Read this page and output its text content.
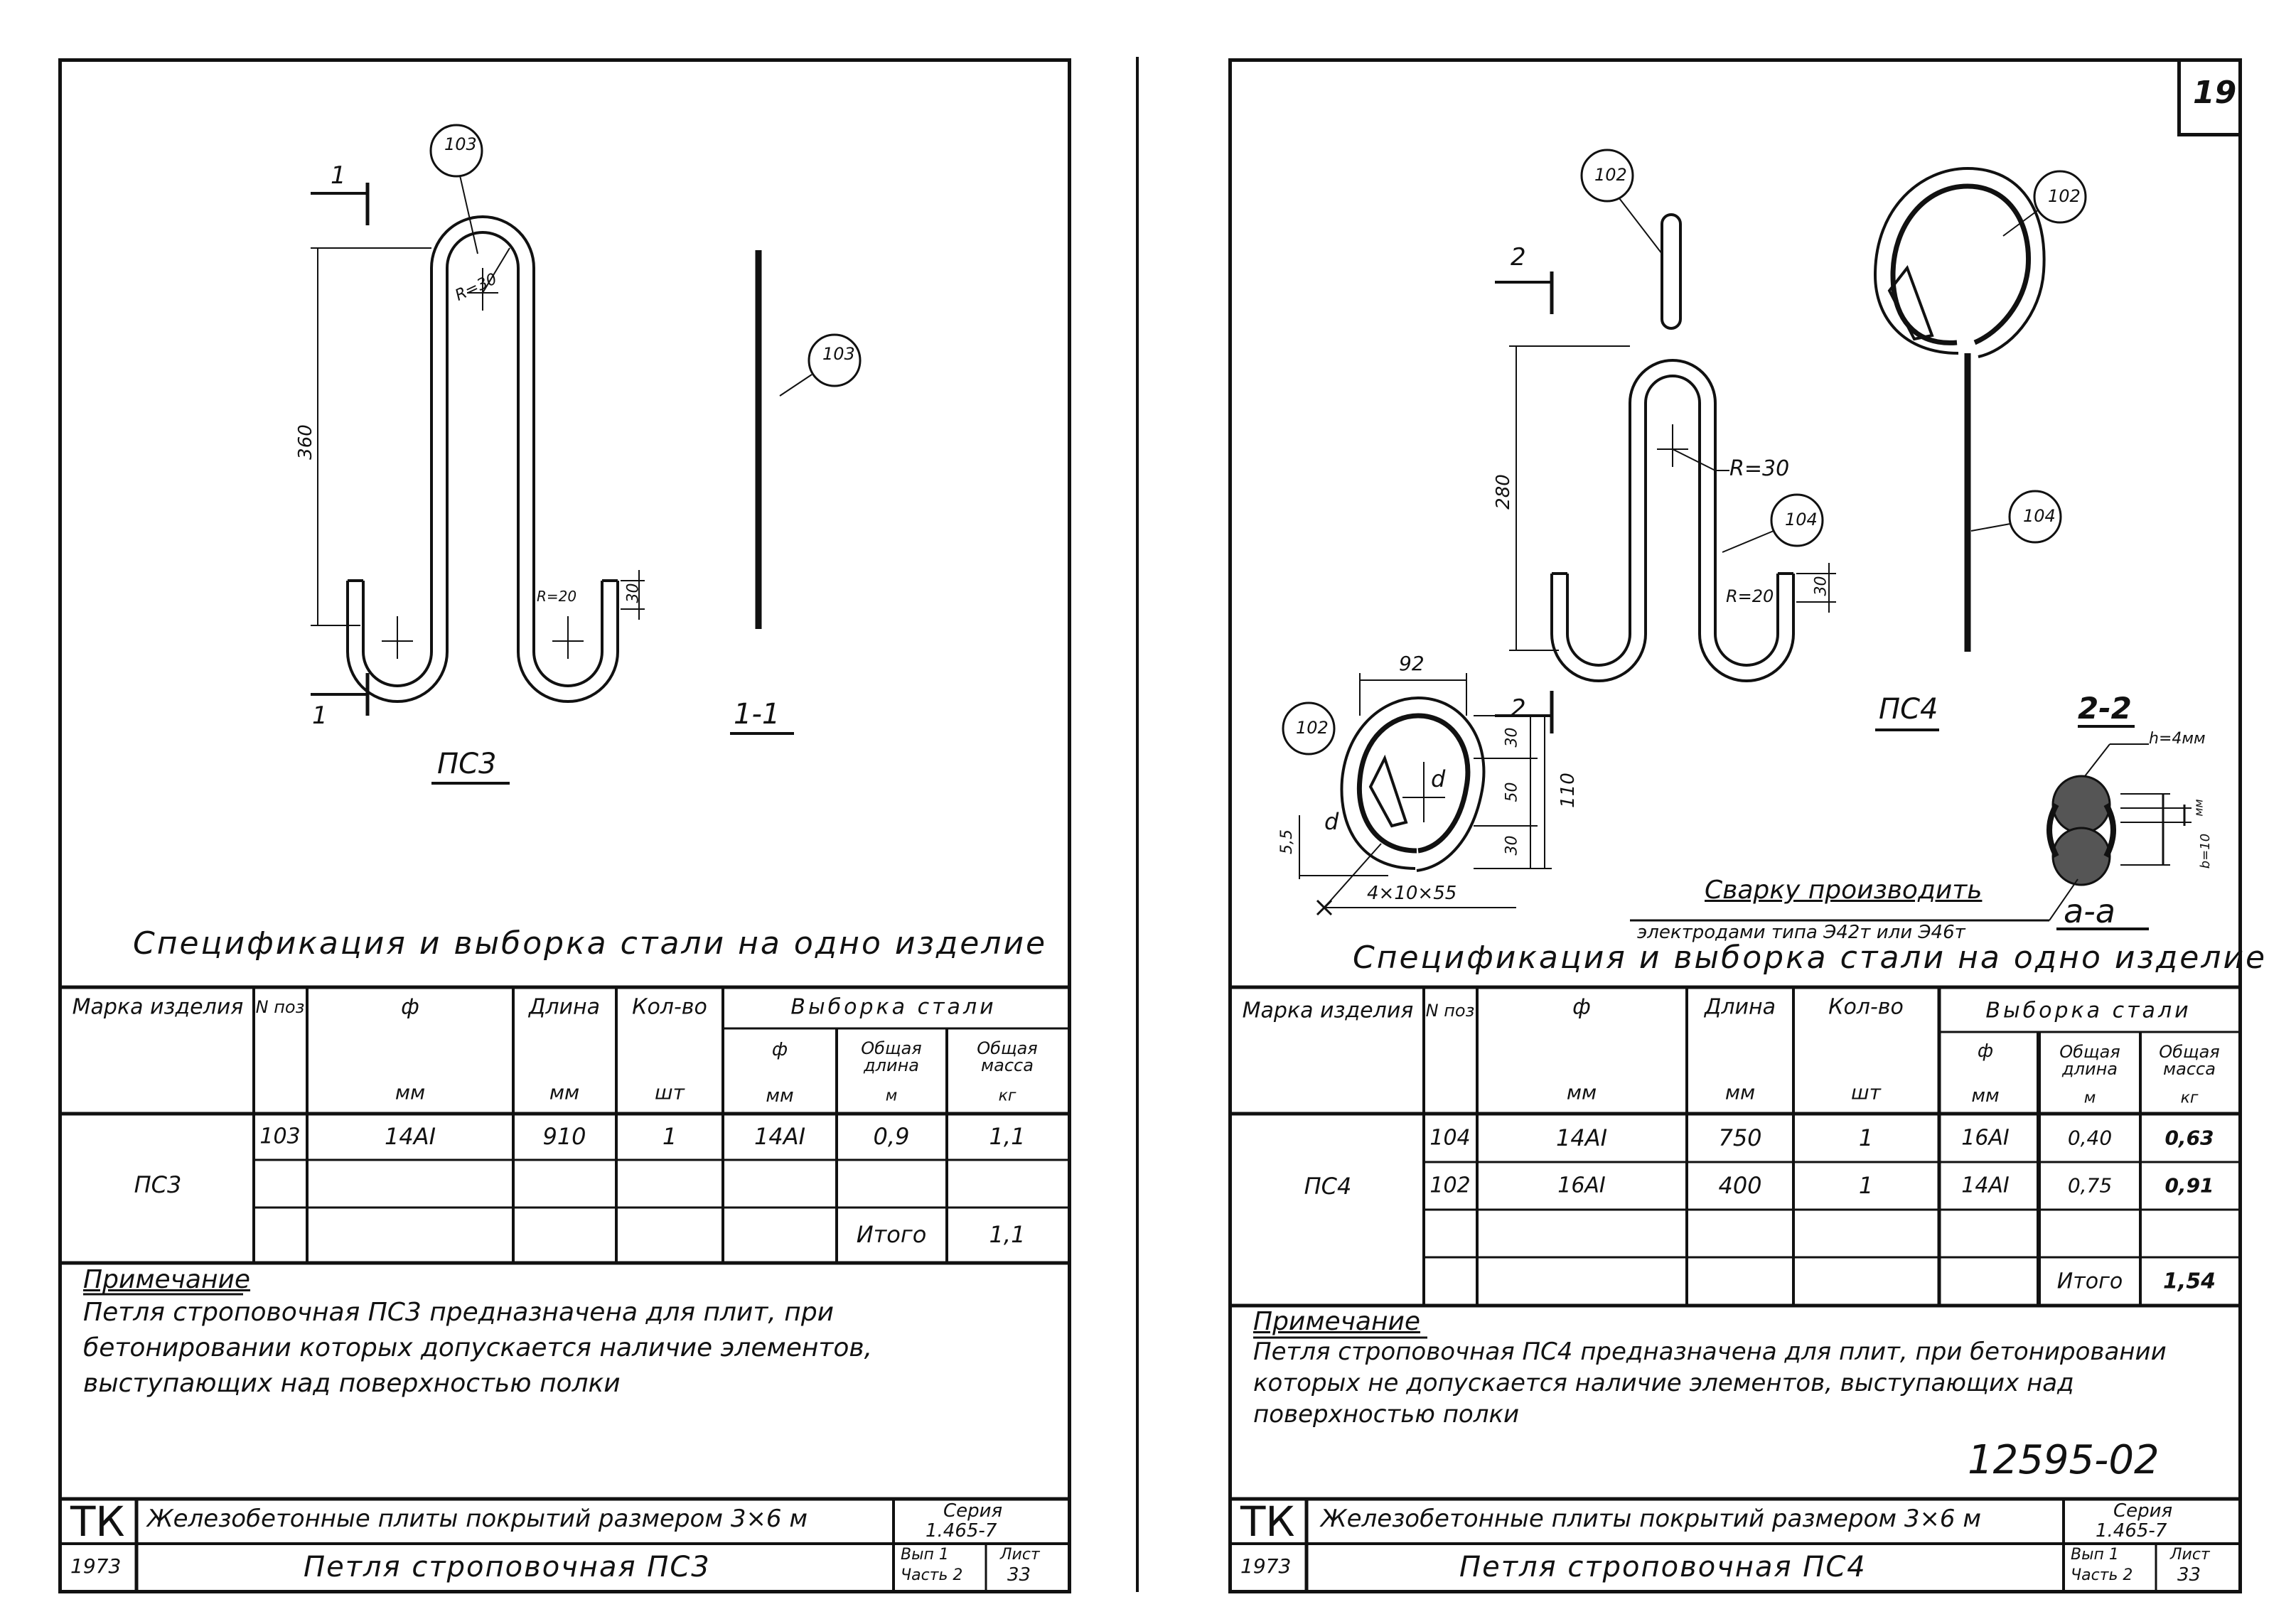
103
103
360
30
R=30
R=20
1
1	1-1
ПС3
Спецификация и выборка стали на одно изделие
Марка изделия N поз	ф
мм
Длина
мм
Кол-во
шт
Выборка стали
ф
мм
Общая длина
м
Общая масса
кг
ПС3
103	14АI	910	1	14АI	0,9	1,1
Итого	1,1
Примечание
Петля строповочная ПС3 предназначена для плит, при бетонировании которых допускается наличие элементов, выступающих над поверхностью полки
ТК Железобетонные плиты покрытий размером 3×6 м	Серия
1.465-7
1973	Петля строповочная ПС3	Вып 1
Часть 2
Лист
33
19
102
102
104	104
102
280
30
R=30
R=20
2
2	2-2
ПС4
92
110
30
50
30
d
d
5,5
4×10×55	Сварку производить
электродами типа Э42т или Э46т
h=4мм
b=10
мм
а-а
Спецификация и выборка стали на одно изделие
Марка изделия N поз	ф
мм
Длина
мм
Кол-во
шт
Выборка стали
ф
мм
Общая длина
м
Общая масса
кг
ПС4
104	14АI	750	1	16АI	0,40	0,63
102	16АI	400	1	14АI	0,75	0,91
Итого 1,54
Примечание
Петля строповочная ПС4 предназначена для плит, при бетонировании которых не допускается наличие элементов, выступающих над поверхностью полки
12595-02
ТК Железобетонные плиты покрытий размером 3×6 м	Серия
1.465-7
1973	Петля строповочная ПС4	Вып 1
Часть 2
Лист
33
